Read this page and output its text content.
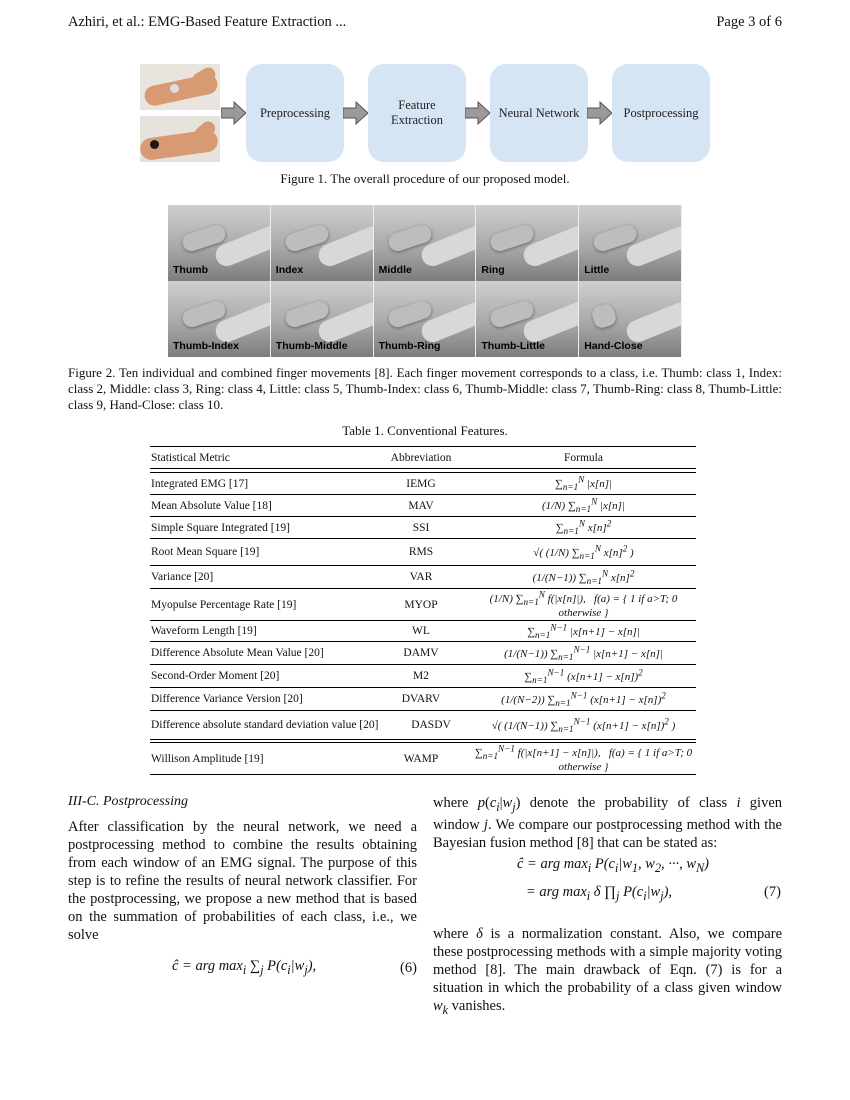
Azhiri, et al.: EMG-Based Feature Extraction ...	Page 3 of 6
Preprocessing
Feature Extraction
Neural Network	Postprocessing
Figure 1. The overall procedure of our proposed model.
Thumb	Index	Middle	Ring	Little
Thumb-Index	Thumb-Middle	Thumb-Ring	Thumb-Little	Hand-Close
Figure 2. Ten individual and combined finger movements [8]. Each finger movement corresponds to a class, i.e. Thumb: class 1, Index: class 2, Middle: class 3, Ring: class 4, Little: class 5, Thumb-Index: class 6, Thumb-Middle: class 7, Thumb-Ring: class 8, Thumb-Little: class 9, Hand-Close: class 10.
Table 1. Conventional Features.
Statistical Metric	Abbreviation	Formula
Integrated EMG [17]	IEMG	$\sum_{n=1}^N$ |x[n]|
Mean Absolute Value [18]	MAV	(1/N) $\sum_{n=1}^N$ |x[n]|
Simple Square Integrated [19]	SSI	$\sum_{n=1}^N$ $x[n]^2$
Root Mean Square [19]	RMS	√( (1/N) $\sum_{n=1}^N$ $x[n]^2$ )
Variance [20]	VAR	(1/(N−1)) $\sum_{n=1}^N$ $x[n]^2$
Myopulse Percentage Rate [19]	MYOP	(1/N) $\sum_{n=1}^N$ f(|x[n]|),   f(a) = { 1 if a>T; 0 otherwise }
Waveform Length [19]	WL	$\sum_{n=1}^{N-1}$ |x[n+1] − x[n]|
Difference Absolute Mean Value [20]	DAMV	(1/(N−1)) $\sum_{n=1}^{N-1}$ |x[n+1] − x[n]|
Second-Order Moment [20]	M2	$\sum_{n=1}^{N-1}$ $(x[n+1] - x[n])^2$
Difference Variance Version [20]	DVARV	(1/(N−2)) $\sum_{n=1}^{N-1}$ $(x[n+1] - x[n])^2$
Difference absolute standard deviation value [20]	DASDV	√( (1/(N−1)) $\sum_{n=1}^{N-1}$ $(x[n+1] - x[n])^2$ )
Willison Amplitude [19]	WAMP	$\sum_{n=1}^{N-1}$ f(|x[n+1] − x[n]|),   f(a) = { 1 if a>T; 0 otherwise }
III-C. Postprocessing
After classification by the neural network, we need a postprocessing method to combine the results obtaining from each window of an EMG signal. The purpose of this step is to refine the results of neural network classifier. For the postprocessing, we propose a new method that is based on the summation of probabilities of each class, i.e., we solve
ĉ = arg $\max_i \sum_j$ $P(c_i|w_j)$,	(6)
where $p(c_i|w_j)$ denote the probability of class i given window j. We compare our postprocessing method with the Bayesian fusion method [8] that can be stated as:
ĉ = arg $\max_i P(c_i|w_1$, $w_2$, ···, $w_N$)
= arg $\max_i \delta$ $\prod_j$ $P(c_i|w_j)$,	(7)
where δ is a normalization constant. Also, we compare these postprocessing methods with a simple majority voting method [8]. The main drawback of Eqn. (7) is for a situation in which the probability of a class given window $w_k$ vanishes.
